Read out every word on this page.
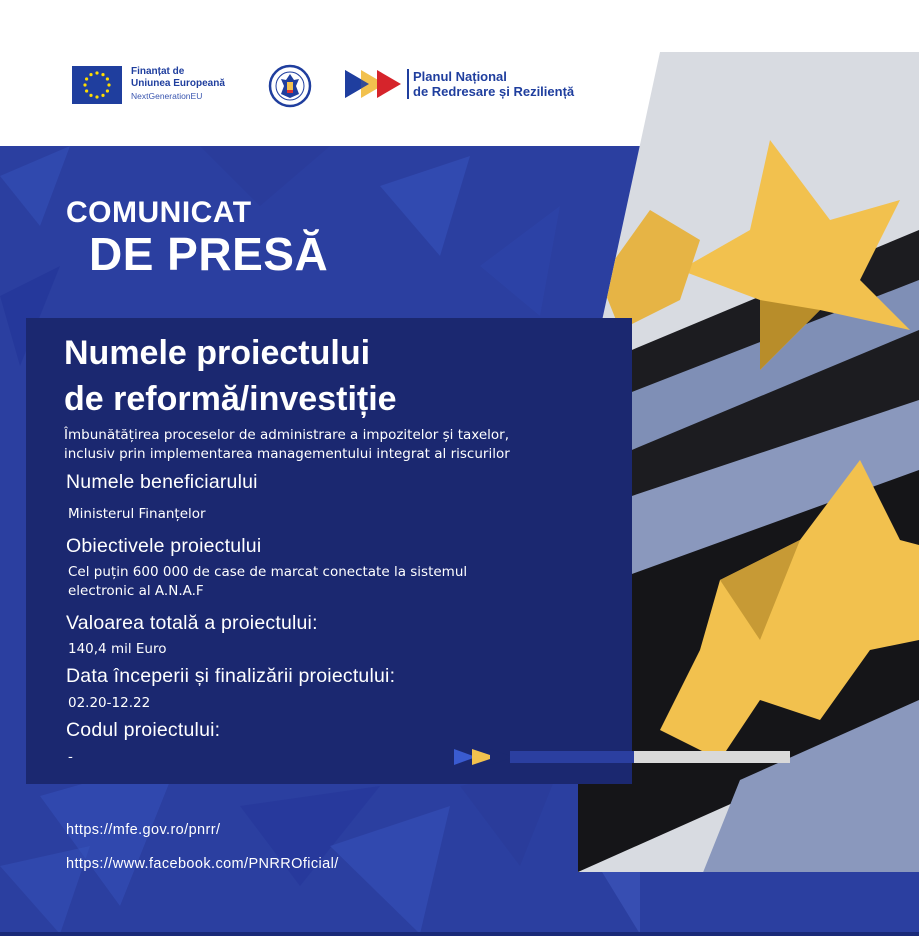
Finanțat de
Uniunea Europeană
NextGenerationEU
Planul Național
de Redresare și Reziliență
COMUNICAT
DE PRESĂ
Numele proiectului
de reformă/investiție
Îmbunătățirea proceselor de administrare a impozitelor și taxelor,
inclusiv prin implementarea managementului integrat al riscurilor
Numele beneficiarului
Ministerul Finanțelor
Obiectivele proiectului
Cel puțin 600 000 de case de marcat conectate la sistemul
electronic al A.N.A.F
Valoarea totală a proiectului:
140,4 mil Euro
Data începerii și finalizării proiectului:
02.20-12.22
Codul proiectului:
-
https://mfe.gov.ro/pnrr/
https://www.facebook.com/PNRROficial/
